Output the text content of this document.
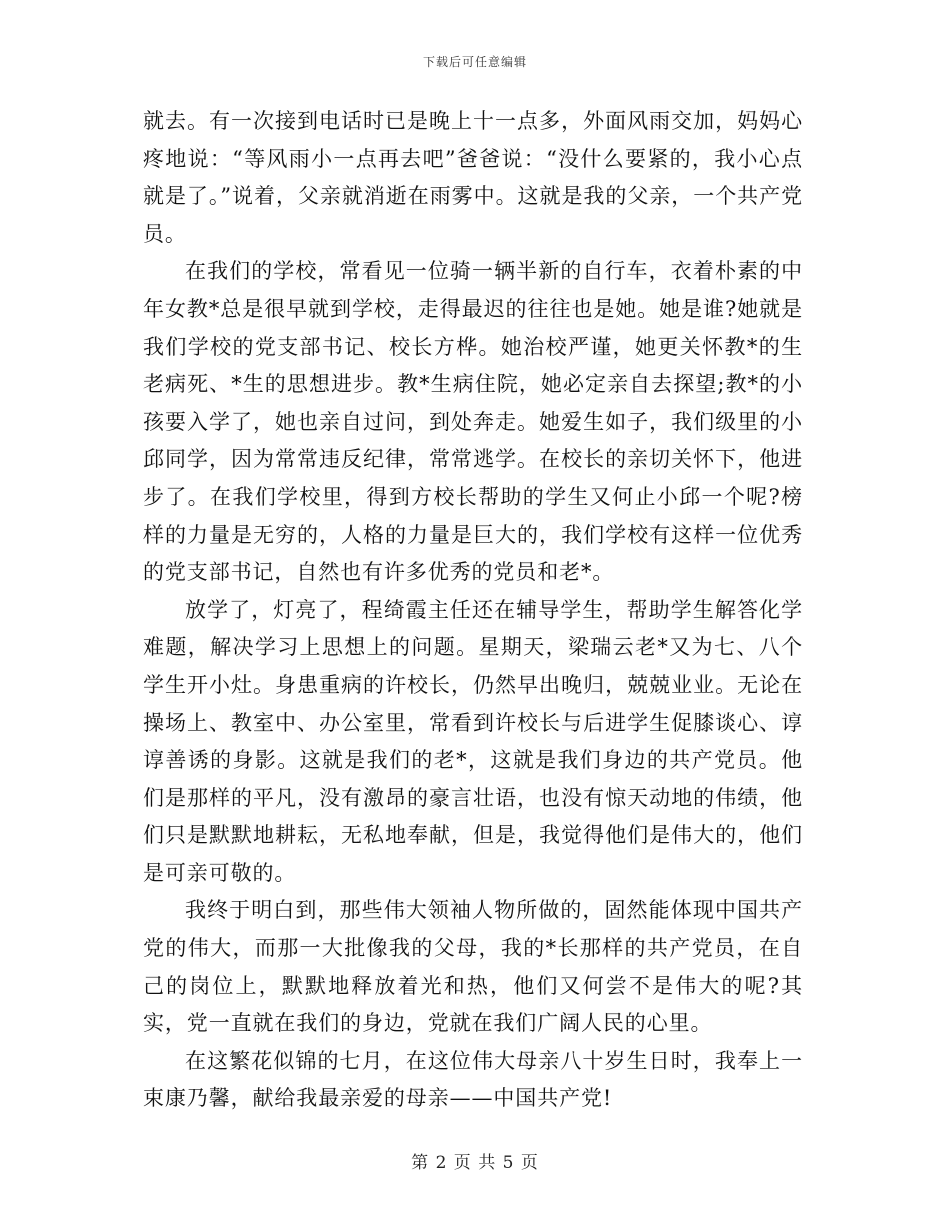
下载后可任意编辑

就去。有一次接到电话时已是晚上十一点多，外面风雨交加，妈妈心疼地说：“等风雨小一点再去吧”爸爸说：“没什么要紧的，我小心点就是了。”说着，父亲就消逝在雨雾中。这就是我的父亲，一个共产党员。

在我们的学校，常看见一位骑一辆半新的自行车，衣着朴素的中年女教*总是很早就到学校，走得最迟的往往也是她。她是谁?她就是我们学校的党支部书记、校长方桦。她治校严谨，她更关怀教*的生老病死、*生的思想进步。教*生病住院，她必定亲自去探望;教*的小孩要入学了，她也亲自过问，到处奔走。她爱生如子，我们级里的小邱同学，因为常常违反纪律，常常逃学。在校长的亲切关怀下，他进步了。在我们学校里，得到方校长帮助的学生又何止小邱一个呢?榜样的力量是无穷的，人格的力量是巨大的，我们学校有这样一位优秀的党支部书记，自然也有许多优秀的党员和老*。

放学了，灯亮了，程绮霞主任还在辅导学生，帮助学生解答化学难题，解决学习上思想上的问题。星期天，梁瑞云老*又为七、八个学生开小灶。身患重病的许校长，仍然早出晚归，兢兢业业。无论在操场上、教室中、办公室里，常看到许校长与后进学生促膝谈心、谆谆善诱的身影。这就是我们的老*，这就是我们身边的共产党员。他们是那样的平凡，没有激昂的豪言壮语，也没有惊天动地的伟绩，他们只是默默地耕耘，无私地奉献，但是，我觉得他们是伟大的，他们是可亲可敬的。

我终于明白到，那些伟大领袖人物所做的，固然能体现中国共产党的伟大，而那一大批像我的父母，我的*长那样的共产党员，在自己的岗位上，默默地释放着光和热，他们又何尝不是伟大的呢?其实，党一直就在我们的身边，党就在我们广阔人民的心里。

在这繁花似锦的七月，在这位伟大母亲八十岁生日时，我奉上一束康乃馨，献给我最亲爱的母亲——中国共产党!

第 2 页 共 5 页
